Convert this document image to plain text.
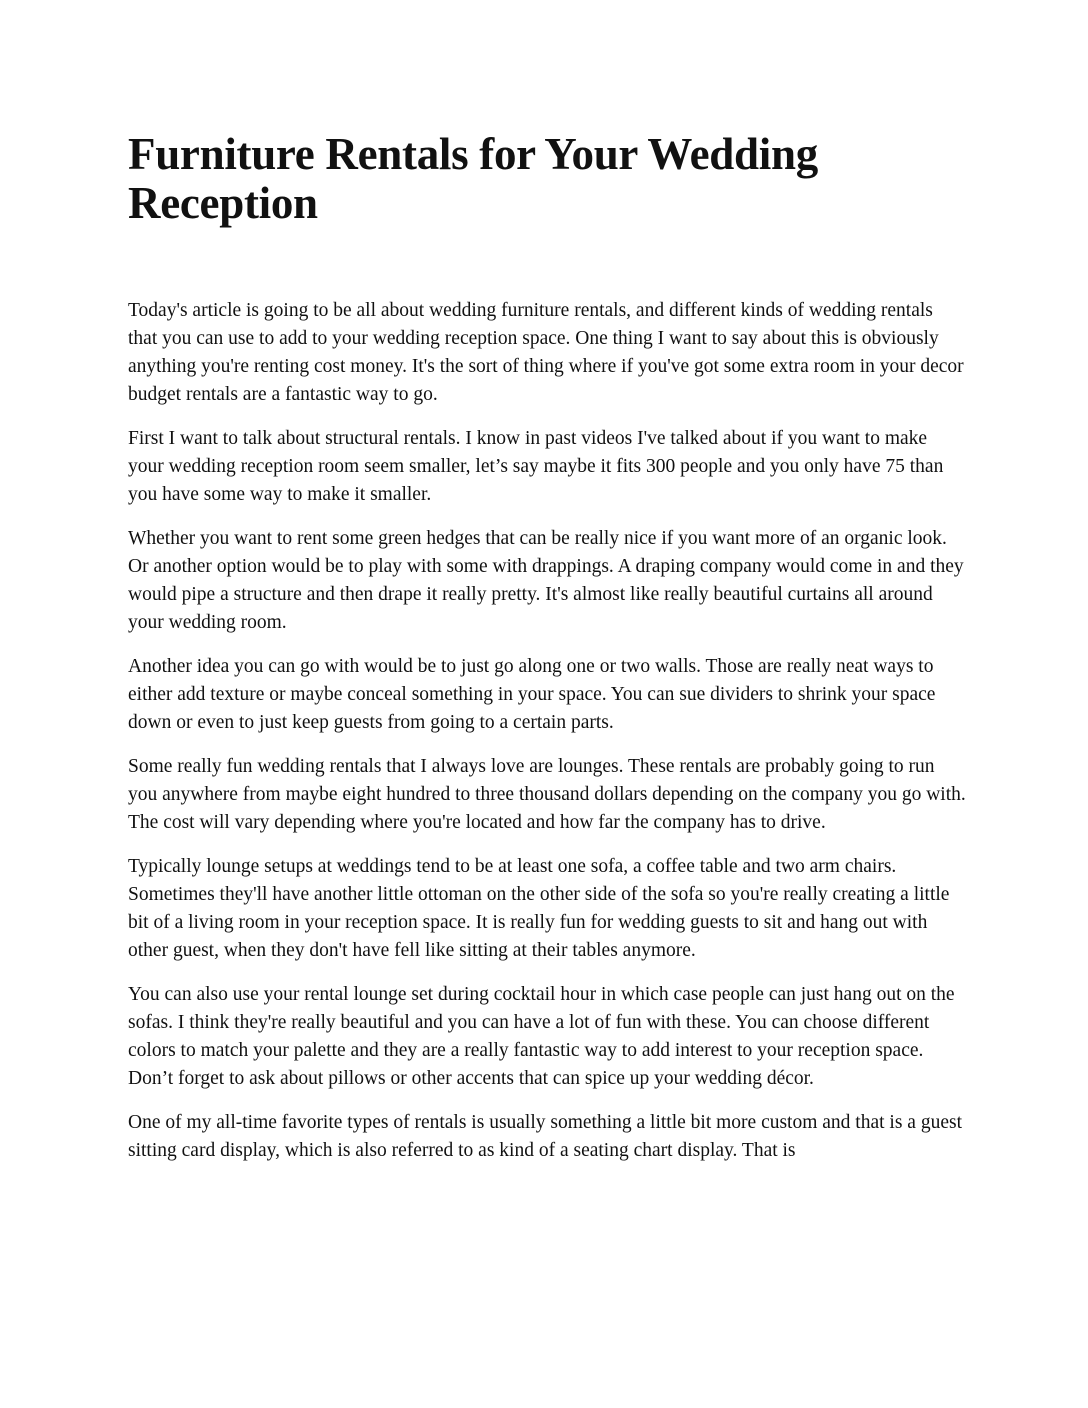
Furniture Rentals for Your Wedding Reception

Today's article is going to be all about wedding furniture rentals, and different kinds of wedding rentals that you can use to add to your wedding reception space. One thing I want to say about this is obviously anything you're renting cost money. It's the sort of thing where if you've got some extra room in your decor budget rentals are a fantastic way to go.

First I want to talk about structural rentals. I know in past videos I've talked about if you want to make your wedding reception room seem smaller, let’s say maybe it fits 300 people and you only have 75 than you have some way to make it smaller.

Whether you want to rent some green hedges that can be really nice if you want more of an organic look. Or another option would be to play with some with drappings. A draping company would come in and they would pipe a structure and then drape it really pretty. It's almost like really beautiful curtains all around your wedding room.

Another idea you can go with would be to just go along one or two walls. Those are really neat ways to either add texture or maybe conceal something in your space. You can sue dividers to shrink your space down or even to just keep guests from going to a certain parts.

Some really fun wedding rentals that I always love are lounges. These rentals are probably going to run you anywhere from maybe eight hundred to three thousand dollars depending on the company you go with. The cost will vary depending where you're located and how far the company has to drive.

Typically lounge setups at weddings tend to be at least one sofa, a coffee table and two arm chairs. Sometimes they'll have another little ottoman on the other side of the sofa so you're really creating a little bit of a living room in your reception space. It is really fun for wedding guests to sit and hang out with other guest, when they don't have fell like sitting at their tables anymore.

You can also use your rental lounge set during cocktail hour in which case people can just hang out on the sofas. I think they're really beautiful and you can have a lot of fun with these. You can choose different colors to match your palette and they are a really fantastic way to add interest to your reception space. Don’t forget to ask about pillows or other accents that can spice up your wedding décor.

One of my all-time favorite types of rentals is usually something a little bit more custom and that is a guest sitting card display, which is also referred to as kind of a seating chart display. That is
